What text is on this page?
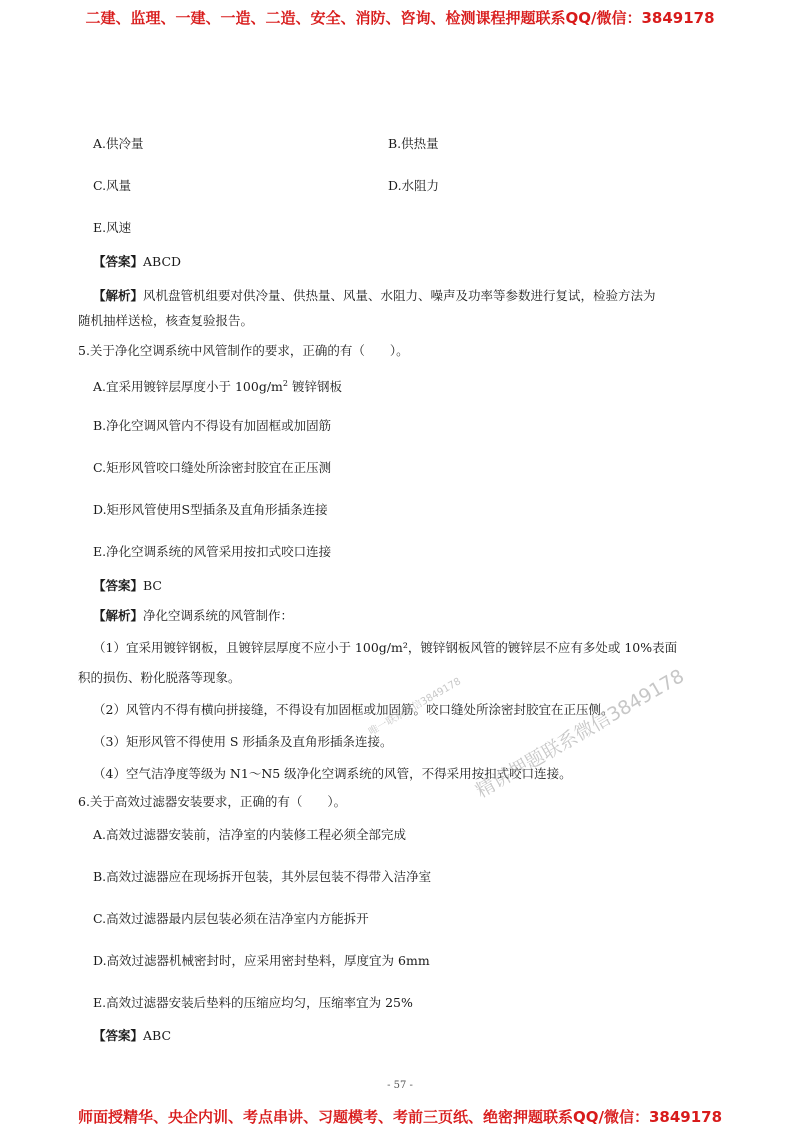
二建、监理、一建、一造、二造、安全、消防、咨询、检测课程押题联系QQ/微信：3849178
A.供冷量	B.供热量
C.风量	D.水阻力
E.风速
【答案】ABCD
【解析】风机盘管机组要对供冷量、供热量、风量、水阻力、噪声及功率等参数进行复试，检验方法为
随机抽样送检，核查复验报告。
5.关于净化空调系统中风管制作的要求，正确的有（　　）。
A.宜采用镀锌层厚度小于 $100g/m^2$ 镀锌钢板
B.净化空调风管内不得设有加固框或加固筋
C.矩形风管咬口缝处所涂密封胶宜在正压测
D.矩形风管使用S型插条及直角形插条连接
E.净化空调系统的风管采用按扣式咬口连接
【答案】BC
【解析】净化空调系统的风管制作：
（1）宜采用镀锌钢板，且镀锌层厚度不应小于 100g/m²，镀锌钢板风管的镀锌层不应有多处或 10%表面
积的损伤、粉化脱落等现象。
（2）风管内不得有横向拼接缝，不得设有加固框或加固筋。咬口缝处所涂密封胶宜在正压侧。
（3）矩形风管不得使用 S 形插条及直角形插条连接。
（4）空气洁净度等级为 N1～N5 级净化空调系统的风管，不得采用按扣式咬口连接。
6.关于高效过滤器安装要求，正确的有（　　）。
A.高效过滤器安装前，洁净室的内装修工程必须全部完成
B.高效过滤器应在现场拆开包装，其外层包装不得带入洁净室
C.高效过滤器最内层包装必须在洁净室内方能拆开
D.高效过滤器机械密封时，应采用密封垫料，厚度宜为 6mm
E.高效过滤器安装后垫料的压缩应均匀，压缩率宜为 25%
【答案】ABC
唯一联系微信3849178 精讲押题联系微信3849178
- 57 -
师面授精华、央企内训、考点串讲、习题模考、考前三页纸、绝密押题联系QQ/微信：3849178
